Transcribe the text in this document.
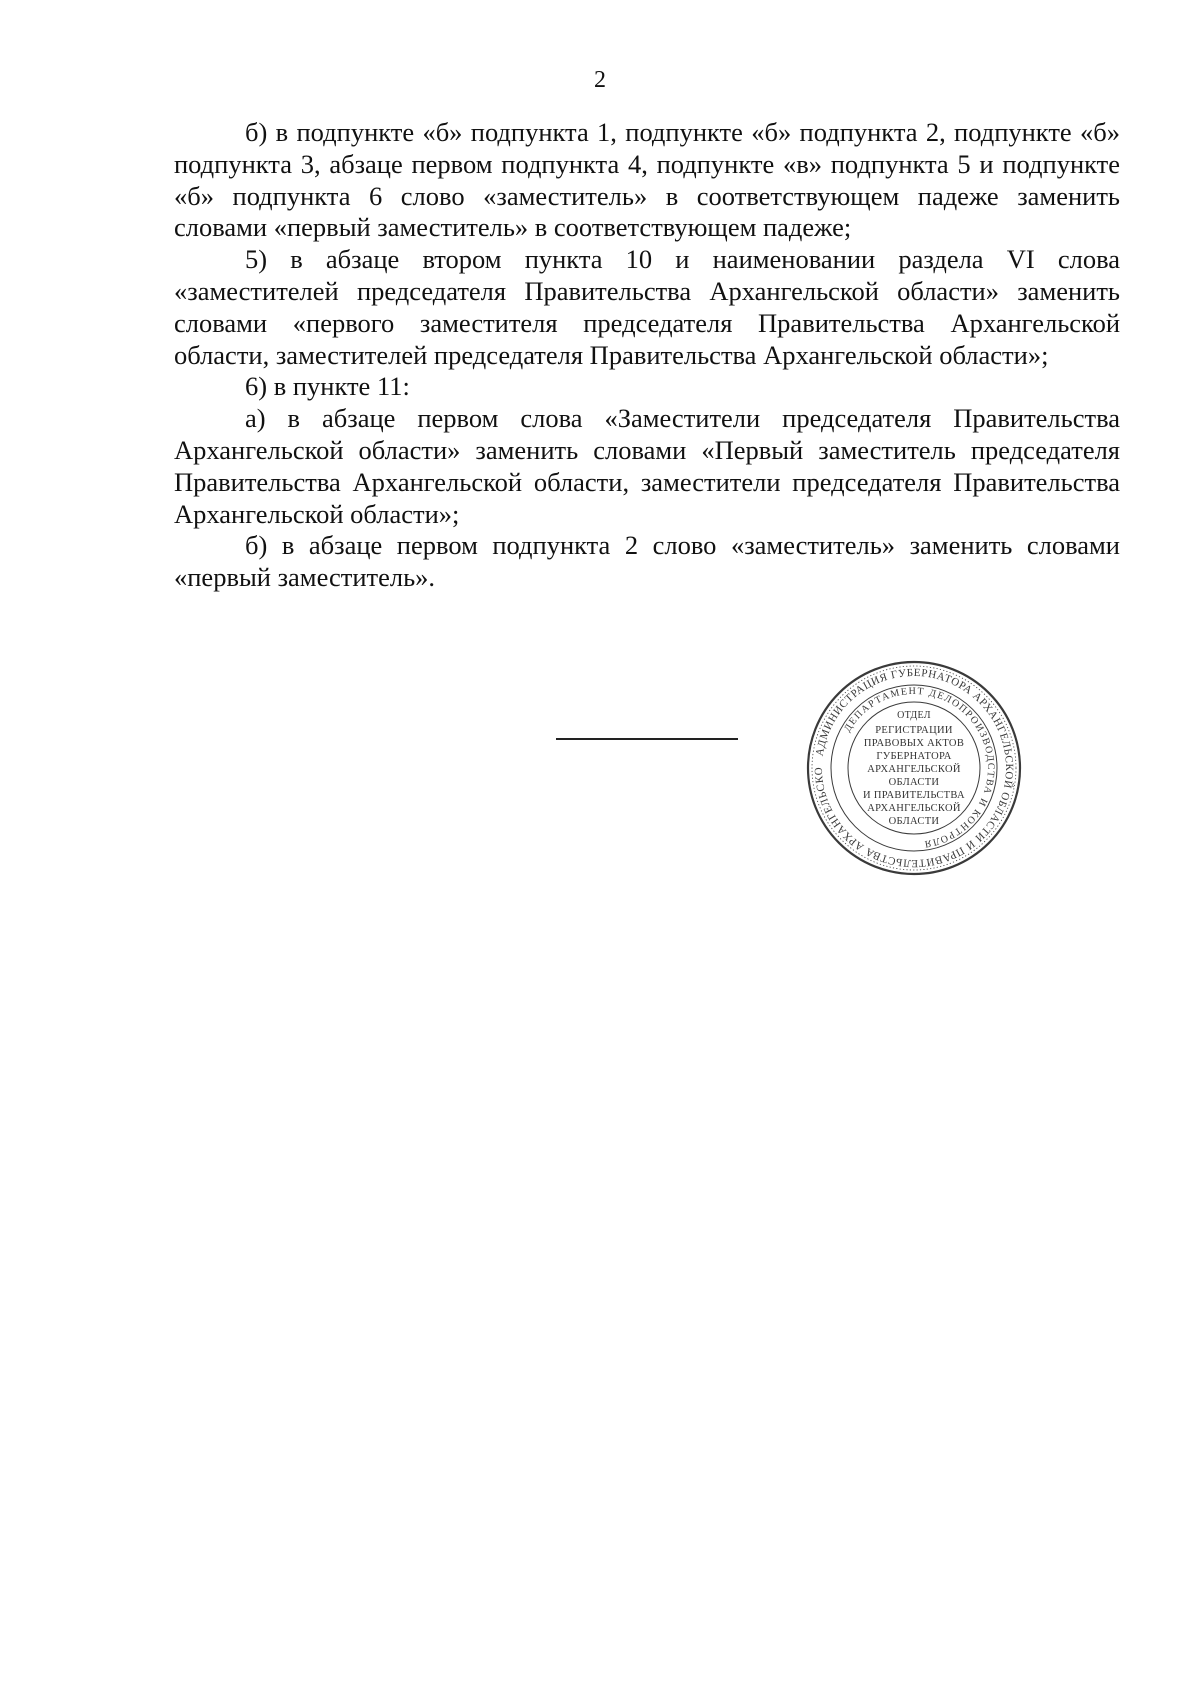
2

б) в подпункте «б» подпункта 1, подпункте «б» подпункта 2, подпункте «б» подпункта 3, абзаце первом подпункта 4, подпункте «в» подпункта 5 и подпункте «б» подпункта 6 слово «заместитель» в соответствующем падеже заменить словами «первый заместитель» в соответствующем падеже;

5) в абзаце втором пункта 10 и наименовании раздела VI слова «заместителей председателя Правительства Архангельской области» заменить словами «первого заместителя председателя Правительства Архангельской области, заместителей председателя Правительства Архангельской области»;

6) в пункте 11:

а) в абзаце первом слова «Заместители председателя Правительства Архангельской области» заменить словами «Первый заместитель председателя Правительства Архангельской области, заместители председателя Правительства Архангельской области»;

б) в абзаце первом подпункта 2 слово «заместитель» заменить словами «первый заместитель».

АДМИНИСТРАЦИЯ ГУБЕРНАТОРА АРХАНГЕЛЬСКОЙ ОБЛАСТИ И ПРАВИТЕЛЬСТВА АРХАНГЕЛЬСКО
ДЕПАРТАМЕНТ ДЕЛОПРОИЗВОДСТВА И КОНТРОЛЯ
ОТДЕЛ
РЕГИСТРАЦИИ
ПРАВОВЫХ АКТОВ
ГУБЕРНАТОРА
АРХАНГЕЛЬСКОЙ
ОБЛАСТИ
И ПРАВИТЕЛЬСТВА
АРХАНГЕЛЬСКОЙ
ОБЛАСТИ
